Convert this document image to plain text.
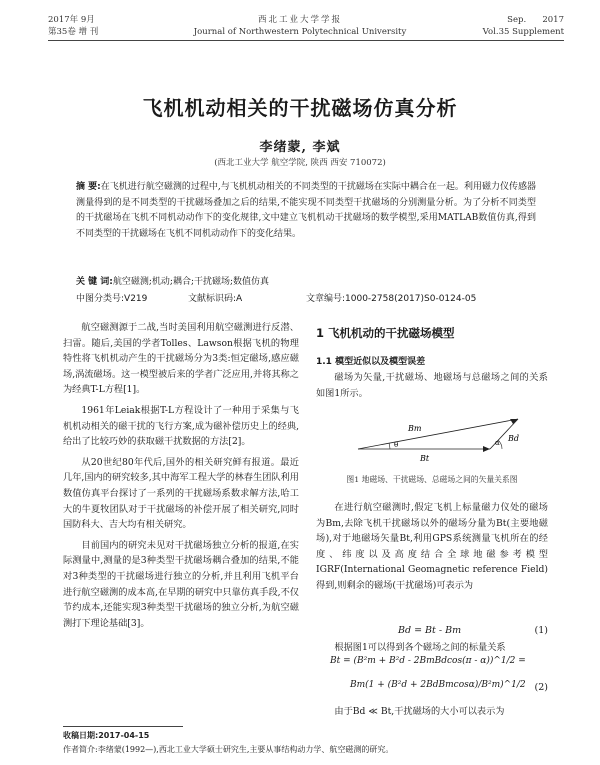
2017年 9月
第35卷 增 刊
西北工业大学学报
Journal of Northwestern Polytechnical University
Sep.      2017
Vol.35 Supplement
飞机机动相关的干扰磁场仿真分析
李绪蒙, 李斌
(西北工业大学 航空学院, 陕西 西安 710072)
摘 要:在飞机进行航空磁测的过程中,与飞机机动相关的不同类型的干扰磁场在实际中耦合在一起。利用磁力仪传感器测量得到的是不同类型的干扰磁场叠加之后的结果,不能实现不同类型干扰磁场的分别测量分析。为了分析不同类型的干扰磁场在飞机不同机动动作下的变化规律,文中建立飞机机动干扰磁场的数学模型,采用MATLAB数值仿真,得到不同类型的干扰磁场在飞机不同机动动作下的变化结果。
关 键 词:航空磁测;机动;耦合;干扰磁场;数值仿真
中图分类号:V219	文献标识码:A	文章编号:1000-2758(2017)S0-0124-05

航空磁测源于二战,当时美国利用航空磁测进行反潜、扫雷。随后,美国的学者Tolles、Lawson根据飞机的物理特性将飞机机动产生的干扰磁场分为3类:恒定磁场,感应磁场,涡流磁场。这一模型被后来的学者广泛应用,并将其称之为经典T-L方程[1]。

1961年Leiak根据T-L方程设计了一种用于采集与飞机机动相关的磁干扰的飞行方案,成为磁补偿历史上的经典,给出了比较巧妙的获取磁干扰数据的方法[2]。

从20世纪80年代后,国外的相关研究鲜有报道。最近几年,国内的研究较多,其中海军工程大学的林春生团队利用数值仿真平台探讨了一系列的干扰磁场系数求解方法,哈工大的牛夏牧团队对于干扰磁场的补偿开展了相关研究,同时国防科大、吉大均有相关研究。

目前国内的研究未见对干扰磁场独立分析的报道,在实际测量中,测量的是3种类型干扰磁场耦合叠加的结果,不能对3种类型的干扰磁场进行独立的分析,并且利用飞机平台进行航空磁测的成本高,在早期的研究中只靠仿真手段,不仅节约成本,还能实现3种类型干扰磁场的独立分析,为航空磁测打下理论基础[3]。

1 飞机机动的干扰磁场模型
1.1 模型近似以及模型误差

磁场为矢量,干扰磁场、地磁场与总磁场之间的关系如图1所示。

Bm
Bt
Bd
θ	α
图1 地磁场、干扰磁场、总磁场之间的矢量关系图

在进行航空磁测时,假定飞机上标量磁力仪处的磁场为Bm,去除飞机干扰磁场以外的磁场分量为Bt(主要地磁场),对于地磁场矢量Bt,利用GPS系统测量飞机所在的经度、纬度以及高度结合全球地磁参考模型IGRF(International Geomagnetic reference Field)得到,则剩余的磁场(干扰磁场)可表示为

Bd = Bt - Bm	(1)

根据图1可以得到各个磁场之间的标量关系

Bt = (B²m + B²d - 2BmBdcos(π - α))^1/2 =
Bm(1 + (B²d + 2BdBmcosα)/B²m)^1/2 (2)

由于Bd ≪ Bt,干扰磁场的大小可以表示为

收稿日期:2017-04-15
作者简介:李绪蒙(1992—),西北工业大学硕士研究生,主要从事结构动力学、航空磁测的研究。
